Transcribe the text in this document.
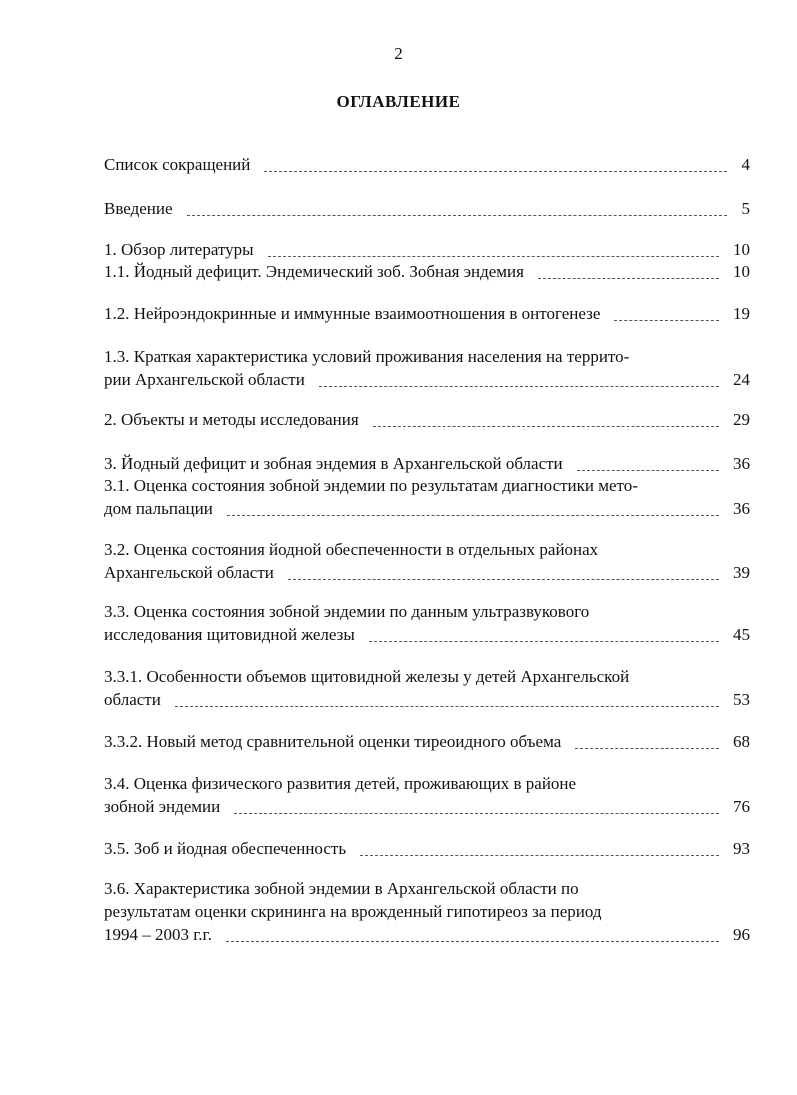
2
ОГЛАВЛЕНИЕ
Список сокращений	4
Введение	5
1. Обзор литературы	10
1.1. Йодный дефицит. Эндемический зоб. Зобная эндемия	10
1.2. Нейроэндокринные и иммунные взаимоотношения в онтогенезе	19
1.3. Краткая характеристика условий проживания населения на террито-
рии Архангельской области	24
2. Объекты и методы исследования	29
3. Йодный дефицит и зобная эндемия в Архангельской области	36
3.1. Оценка состояния зобной эндемии по результатам диагностики мето-
дом пальпации	36
3.2. Оценка состояния йодной обеспеченности в отдельных районах
Архангельской области	39
3.3. Оценка состояния зобной эндемии по данным ультразвукового
исследования щитовидной железы	45
3.3.1. Особенности объемов щитовидной железы у детей Архангельской
области	53
3.3.2. Новый метод сравнительной оценки тиреоидного объема	68
3.4. Оценка физического развития детей, проживающих в районе
зобной эндемии	76
3.5. Зоб и йодная обеспеченность	93
3.6. Характеристика зобной эндемии в Архангельской области по
результатам оценки скрининга на врожденный гипотиреоз за период
1994 – 2003 г.г.	96
